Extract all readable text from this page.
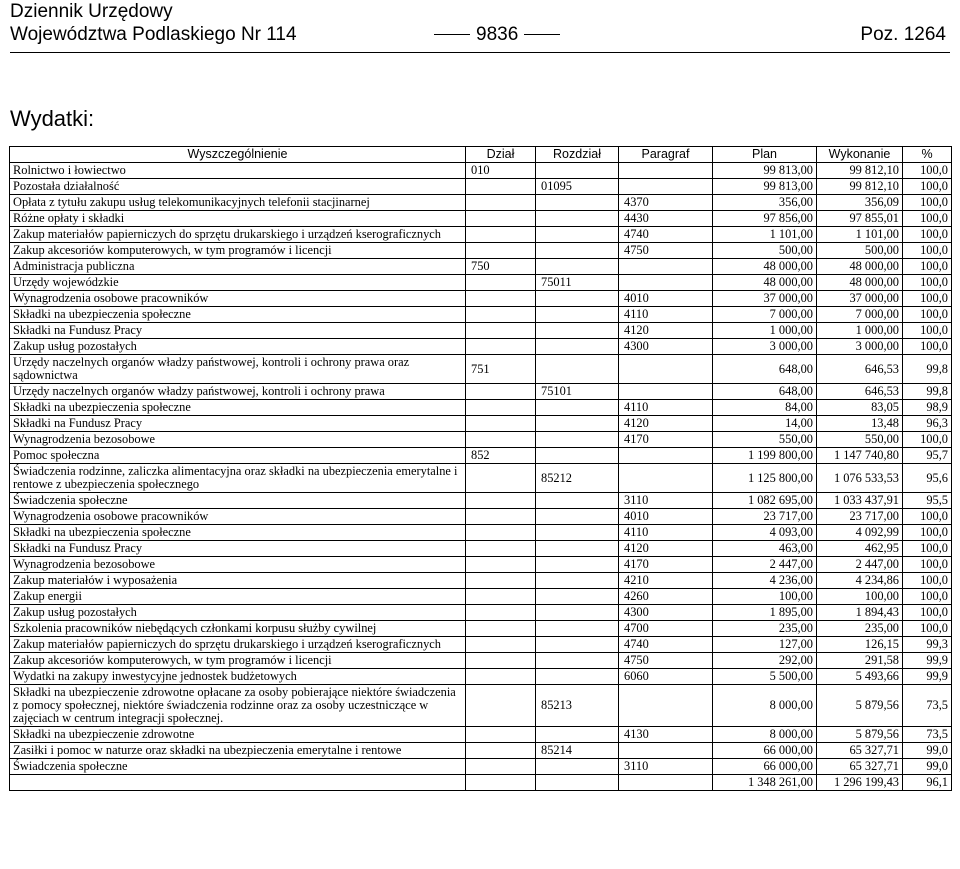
Dziennik Urzędowy
Województwa Podlaskiego Nr 114	9836	Poz. 1264
Wydatki:
Wyszczególnienie	Dział	Rozdział	Paragraf	Plan	Wykonanie	%
Rolnictwo i łowiectwo	010			99 813,00	99 812,10	100,0
Pozostała działalność		01095		99 813,00	99 812,10	100,0
Opłata z tytułu zakupu usług telekomunikacyjnych telefonii stacjinarnej			4370	356,00	356,09	100,0
Różne opłaty i składki			4430	97 856,00	97 855,01	100,0
Zakup materiałów papierniczych do sprzętu drukarskiego i urządzeń kserograficznych			4740	1 101,00	1 101,00	100,0
Zakup akcesoriów komputerowych, w tym programów i licencji			4750	500,00	500,00	100,0
Administracja publiczna	750			48 000,00	48 000,00	100,0
Urzędy wojewódzkie		75011		48 000,00	48 000,00	100,0
Wynagrodzenia osobowe pracowników			4010	37 000,00	37 000,00	100,0
Składki na ubezpieczenia społeczne			4110	7 000,00	7 000,00	100,0
Składki na Fundusz Pracy			4120	1 000,00	1 000,00	100,0
Zakup usług pozostałych			4300	3 000,00	3 000,00	100,0
Urzędy naczelnych organów władzy państwowej, kontroli i ochrony prawa oraz sądownictwa	751			648,00	646,53	99,8
Urzędy naczelnych organów władzy państwowej, kontroli i ochrony prawa		75101		648,00	646,53	99,8
Składki na ubezpieczenia społeczne			4110	84,00	83,05	98,9
Składki na Fundusz Pracy			4120	14,00	13,48	96,3
Wynagrodzenia bezosobowe			4170	550,00	550,00	100,0
Pomoc społeczna	852			1 199 800,00	1 147 740,80	95,7
Świadczenia rodzinne, zaliczka alimentacyjna oraz składki na ubezpieczenia emerytalne i rentowe z ubezpieczenia społecznego		85212		1 125 800,00	1 076 533,53	95,6
Świadczenia społeczne			3110	1 082 695,00	1 033 437,91	95,5
Wynagrodzenia osobowe pracowników			4010	23 717,00	23 717,00	100,0
Składki na ubezpieczenia społeczne			4110	4 093,00	4 092,99	100,0
Składki na Fundusz Pracy			4120	463,00	462,95	100,0
Wynagrodzenia bezosobowe			4170	2 447,00	2 447,00	100,0
Zakup materiałów i wyposażenia			4210	4 236,00	4 234,86	100,0
Zakup energii			4260	100,00	100,00	100,0
Zakup usług pozostałych			4300	1 895,00	1 894,43	100,0
Szkolenia pracowników niebędących członkami korpusu służby cywilnej			4700	235,00	235,00	100,0
Zakup materiałów papierniczych do sprzętu drukarskiego i urządzeń kserograficznych			4740	127,00	126,15	99,3
Zakup akcesoriów komputerowych, w tym programów i licencji			4750	292,00	291,58	99,9
Wydatki na zakupy inwestycyjne jednostek budżetowych			6060	5 500,00	5 493,66	99,9
Składki na ubezpieczenie zdrowotne opłacane za osoby pobierające niektóre świadczenia z pomocy społecznej, niektóre świadczenia rodzinne oraz za osoby uczestniczące w zajęciach w centrum integracji społecznej.		85213		8 000,00	5 879,56	73,5
Składki na ubezpieczenie zdrowotne			4130	8 000,00	5 879,56	73,5
Zasiłki i pomoc w naturze oraz składki na ubezpieczenia emerytalne i rentowe		85214		66 000,00	65 327,71	99,0
Świadczenia społeczne			3110	66 000,00	65 327,71	99,0
				1 348 261,00	1 296 199,43	96,1
